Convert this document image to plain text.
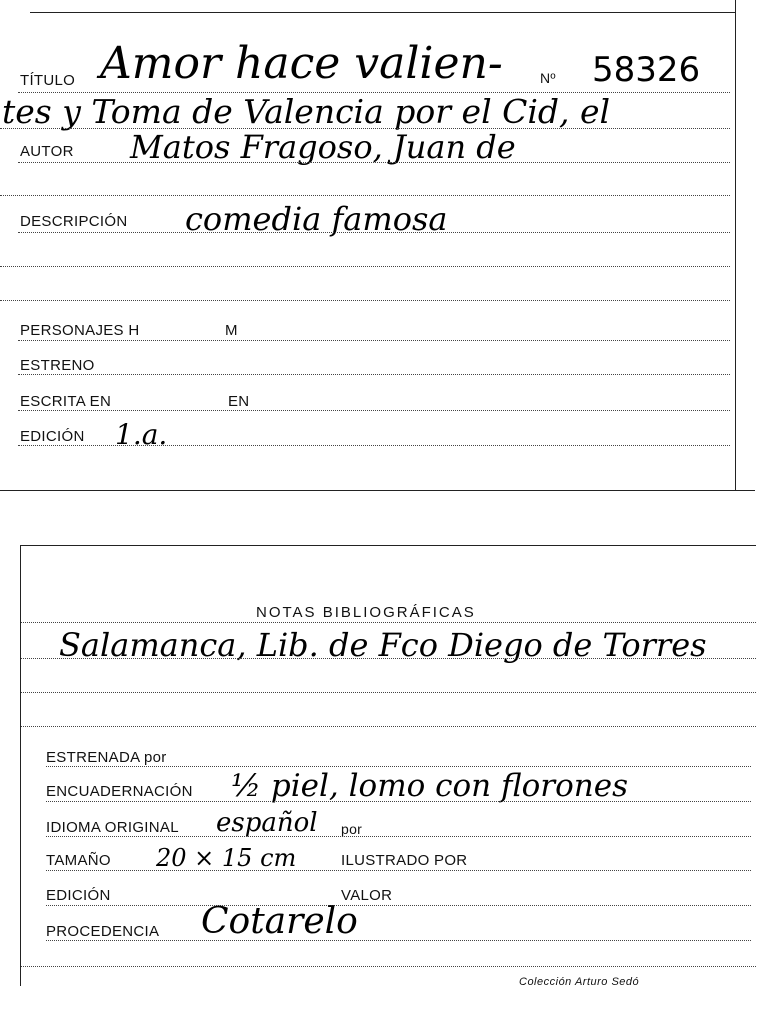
TÍTULO Amor hace valien-	Nº 58326
tes y Toma de Valencia por el Cid, el
AUTOR Matos Fragoso, Juan de
DESCRIPCIÓN comedia famosa
PERSONAJES H	M
ESTRENO
ESCRITA EN	EN
EDICIÓN 1.a.
NOTAS BIBLIOGRÁFICAS
Salamanca, Lib. de Fco Diego de Torres
ESTRENADA por
ENCUADERNACIÓN ½ piel, lomo con florones
IDIOMA ORIGINAL español por
TAMAÑO 20 × 15 cm	ILUSTRADO POR
EDICIÓN	VALOR
PROCEDENCIA Cotarelo
Colección Arturo Sedó
